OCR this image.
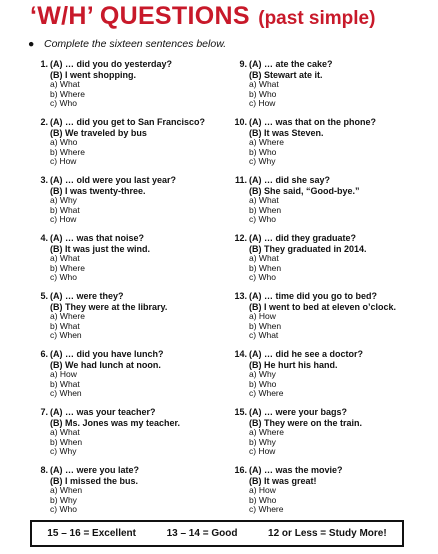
‘W/H’ QUESTIONS (past simple)
● Complete the sixteen sentences below.
1. (A) … did you do yesterday?
(B) I went shopping.
a) What
b) Where
c) Who
2. (A) … did you get to San Francisco?
(B) We traveled by bus
a) Who
b) Where
c) How
3. (A) … old were you last year?
(B) I was twenty-three.
a) Why
b) What
c) How
4. (A) … was that noise?
(B) It was just the wind.
a) What
b) Where
c) Who
5. (A) … were they?
(B) They were at the library.
a) Where
b) What
c) When
6. (A) … did you have lunch?
(B) We had lunch at noon.
a) How
b) What
c) When
7. (A) … was your teacher?
(B) Ms. Jones was my teacher.
a) What
b) When
c) Why
8. (A) … were you late?
(B) I missed the bus.
a) When
b) Why
c) Who
9. (A) … ate the cake?
(B) Stewart ate it.
a) What
b) Who
c) How
10. (A) … was that on the phone?
(B) It was Steven.
a) Where
b) Who
c) Why
11. (A) … did she say?
(B) She said, “Good-bye.”
a) What
b) When
c) Who
12. (A) … did they graduate?
(B) They graduated in 2014.
a) What
b) When
c) Who
13. (A) … time did you go to bed?
(B) I went to bed at eleven o’clock.
a) How
b) When
c) What
14. (A) … did he see a doctor?
(B) He hurt his hand.
a) Why
b) Who
c) Where
15. (A) … were your bags?
(B) They were on the train.
a) Where
b) Why
c) How
16. (A) … was the movie?
(B) It was great!
a) How
b) Who
c) Where
15 – 16 = Excellent	13 – 14 = Good	12 or Less = Study More!
